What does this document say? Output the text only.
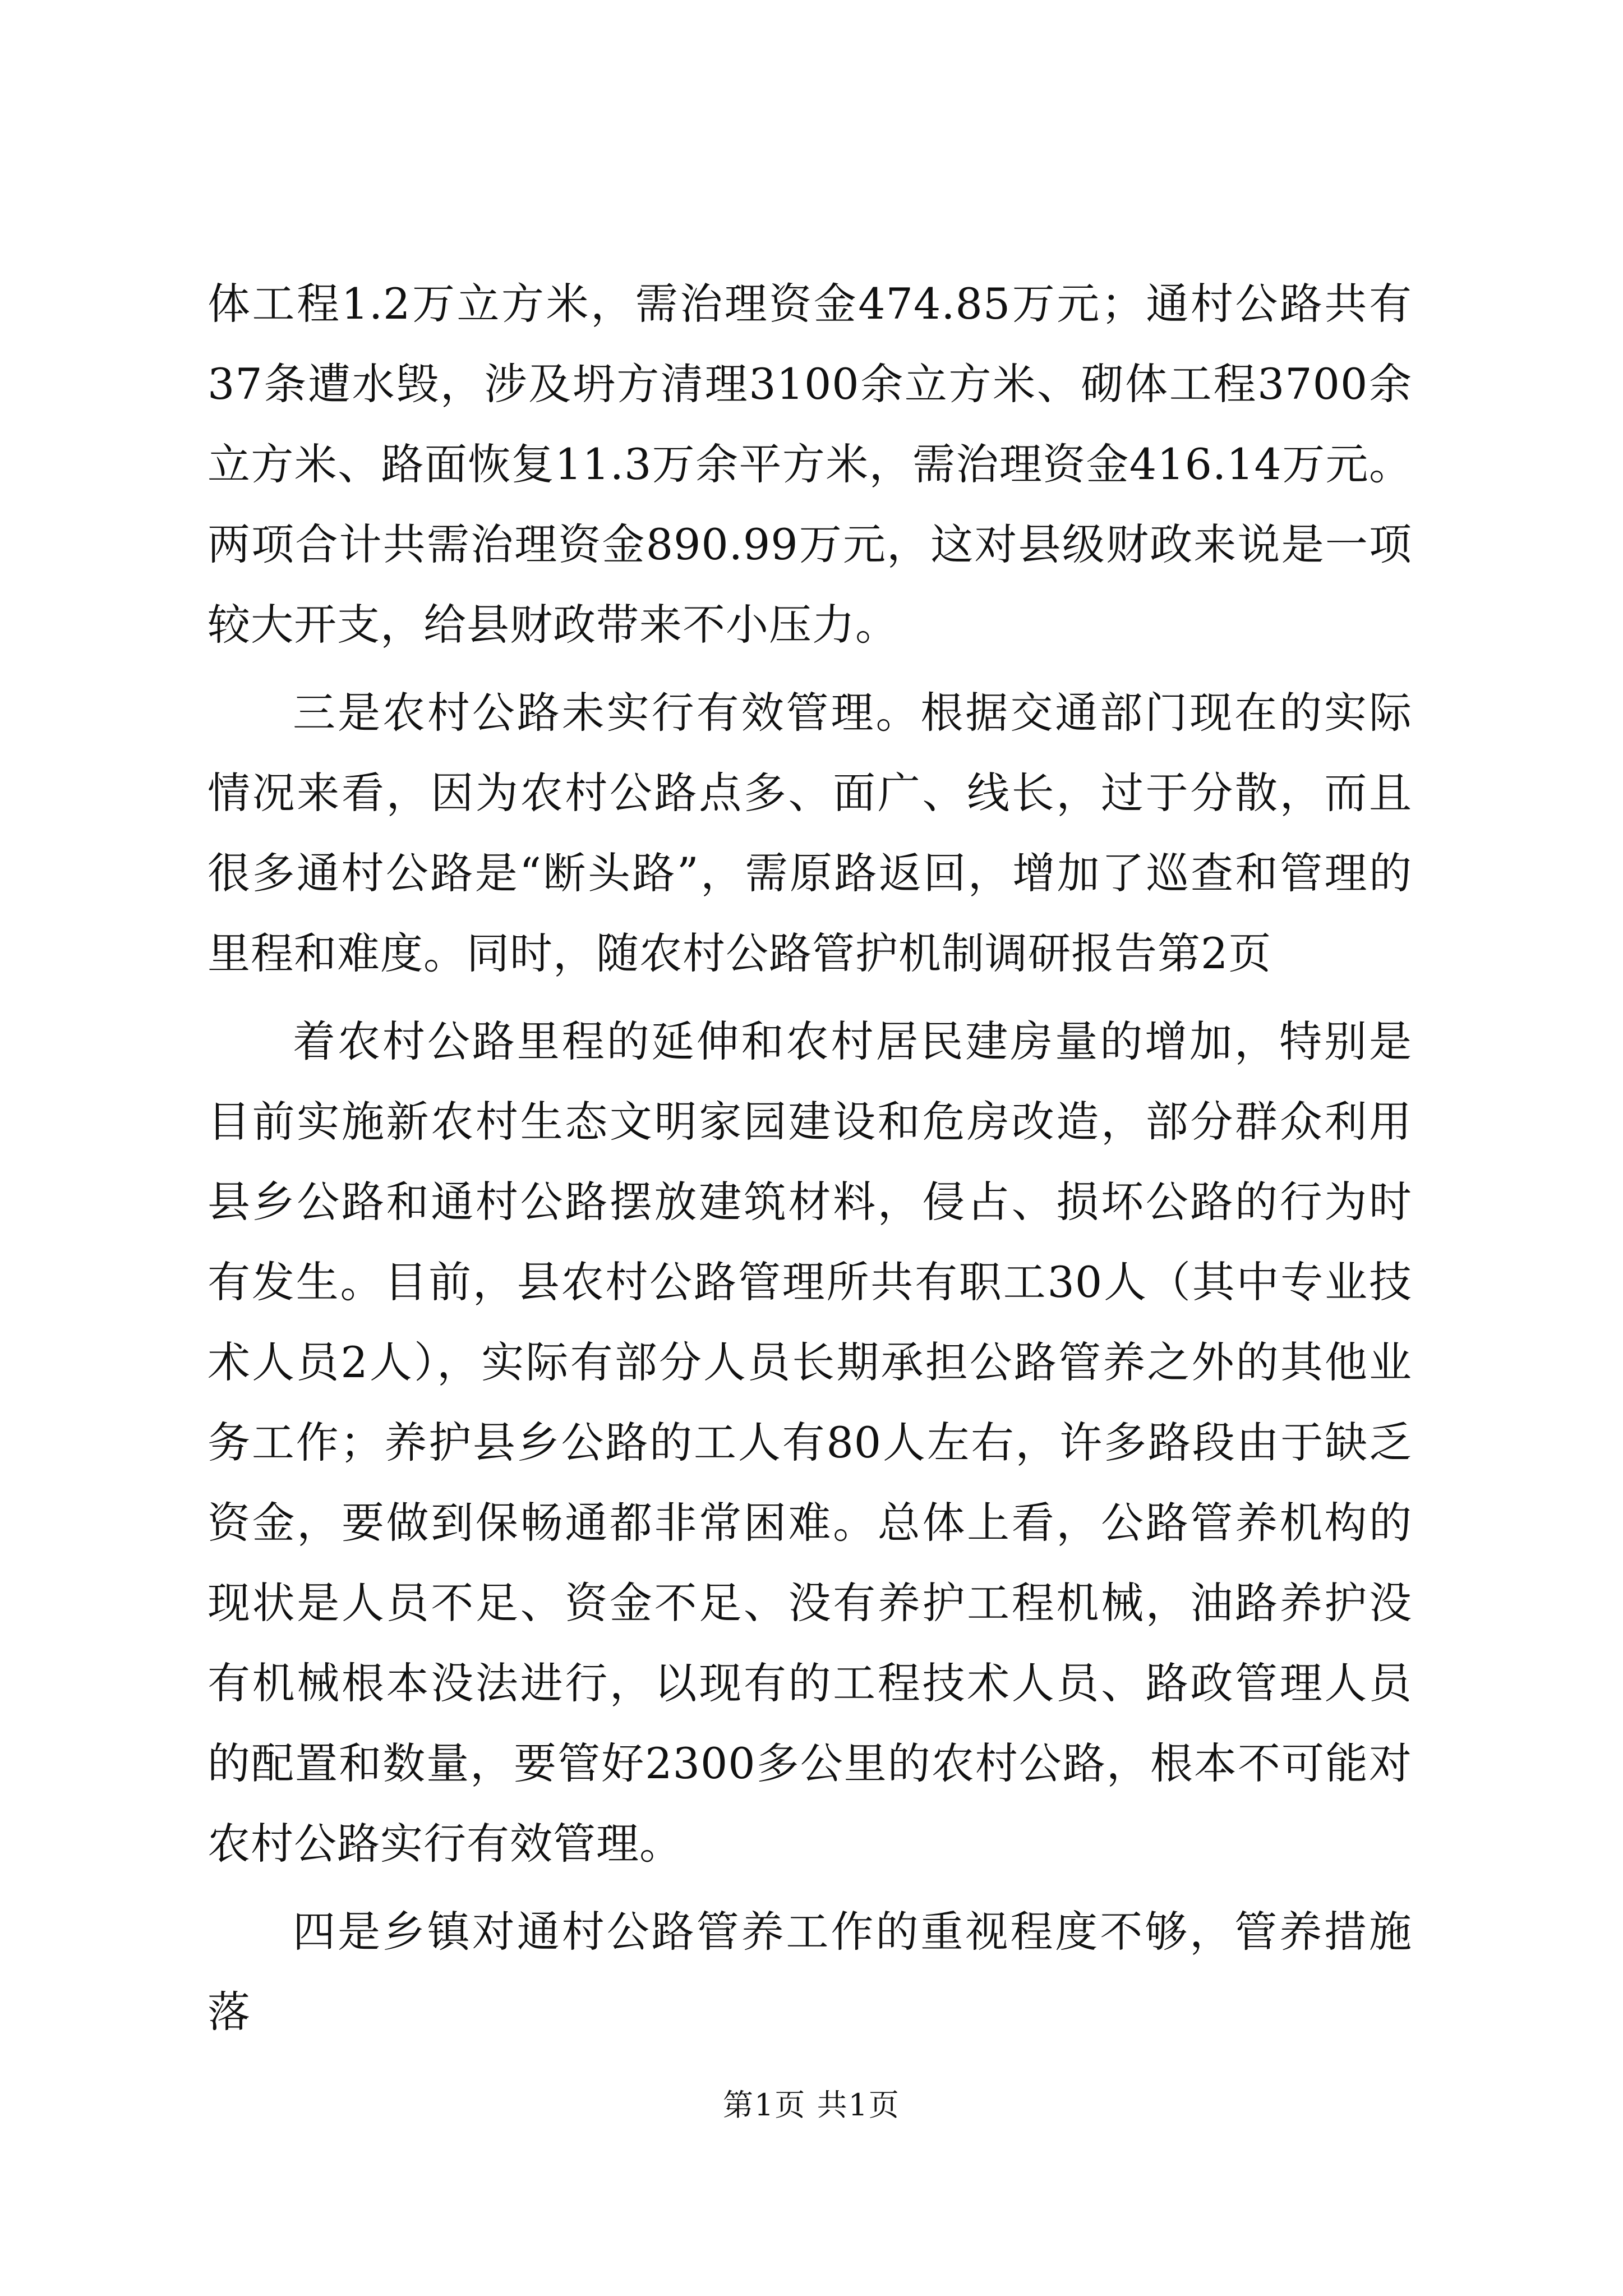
体工程1.2万立方米，需治理资金474.85万元；通村公路共有37条遭水毁，涉及坍方清理3100余立方米、砌体工程3700余立方米、路面恢复11.3万余平方米，需治理资金416.14万元。两项合计共需治理资金890.99万元，这对县级财政来说是一项较大开支，给县财政带来不小压力。

三是农村公路未实行有效管理。根据交通部门现在的实际情况来看，因为农村公路点多、面广、线长，过于分散，而且很多通村公路是“断头路”，需原路返回，增加了巡查和管理的里程和难度。同时，随农村公路管护机制调研报告第2页

着农村公路里程的延伸和农村居民建房量的增加，特别是目前实施新农村生态文明家园建设和危房改造，部分群众利用县乡公路和通村公路摆放建筑材料，侵占、损坏公路的行为时有发生。目前，县农村公路管理所共有职工30人（其中专业技术人员2人），实际有部分人员长期承担公路管养之外的其他业务工作；养护县乡公路的工人有80人左右，许多路段由于缺乏资金，要做到保畅通都非常困难。总体上看，公路管养机构的现状是人员不足、资金不足、没有养护工程机械，油路养护没有机械根本没法进行，以现有的工程技术人员、路政管理人员的配置和数量，要管好2300多公里的农村公路，根本不可能对农村公路实行有效管理。

四是乡镇对通村公路管养工作的重视程度不够，管养措施落

第1页 共1页
